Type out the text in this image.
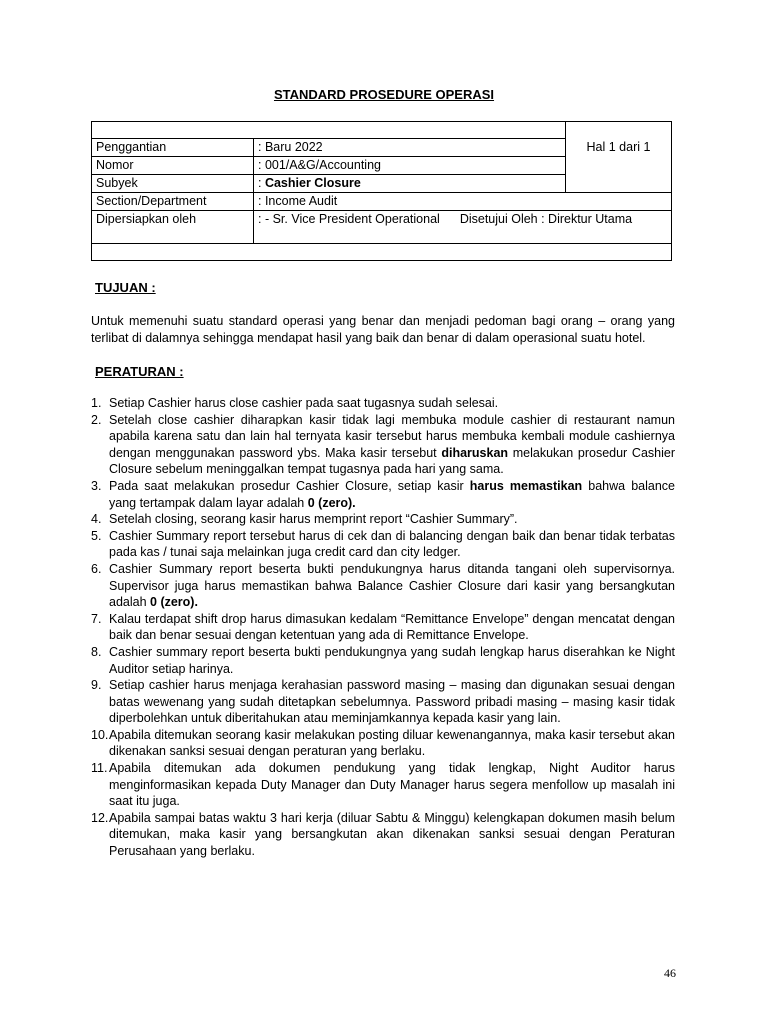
STANDARD PROSEDURE OPERASI

		Hal 1 dari 1

Penggantian	: Baru 2022	
Nomor	: 001/A&G/Accounting	
Subyek	: Cashier Closure	
Section/Department	: Income Audit	
Dipersiapkan oleh	: - Sr. Vice President Operational Disetujui Oleh : Direktur Utama	

TUJUAN :
Untuk memenuhi suatu standard operasi yang benar dan menjadi pedoman bagi orang – orang yang terlibat di dalamnya sehingga mendapat hasil yang baik dan benar di dalam operasional suatu hotel.
PERATURAN :
1. Setiap Cashier harus close cashier pada saat tugasnya sudah selesai.
2. Setelah close cashier diharapkan kasir tidak lagi membuka module cashier di restaurant namun apabila karena satu dan lain hal ternyata kasir tersebut harus membuka kembali module cashiernya dengan menggunakan password ybs. Maka kasir tersebut diharuskan melakukan prosedur Cashier Closure sebelum meninggalkan tempat tugasnya pada hari yang sama.
3. Pada saat melakukan prosedur Cashier Closure, setiap kasir harus memastikan bahwa balance yang tertampak dalam layar adalah 0 (zero).
4. Setelah closing, seorang kasir harus memprint report “Cashier Summary”.
5. Cashier Summary report tersebut harus di cek dan di balancing dengan baik dan benar tidak terbatas pada kas / tunai saja melainkan juga credit card dan city ledger.
6. Cashier Summary report beserta bukti pendukungnya harus ditanda tangani oleh supervisornya. Supervisor juga harus memastikan bahwa Balance Cashier Closure dari kasir yang bersangkutan adalah 0 (zero).
7. Kalau terdapat shift drop harus dimasukan kedalam “Remittance Envelope” dengan mencatat dengan baik dan benar sesuai dengan ketentuan yang ada di Remittance Envelope.
8. Cashier summary report beserta bukti pendukungnya yang sudah lengkap harus diserahkan ke Night Auditor setiap harinya.
9. Setiap cashier harus menjaga kerahasian password masing – masing dan digunakan sesuai dengan batas wewenang yang sudah ditetapkan sebelumnya. Password pribadi masing – masing kasir tidak diperbolehkan untuk diberitahukan atau meminjamkannya kepada kasir yang lain.
10. Apabila ditemukan seorang kasir melakukan posting diluar kewenangannya, maka kasir tersebut akan dikenakan sanksi sesuai dengan peraturan yang berlaku.
11. Apabila ditemukan ada dokumen pendukung yang tidak lengkap, Night Auditor harus menginformasikan kepada Duty Manager dan Duty Manager harus segera menfollow up masalah ini saat itu juga.
12. Apabila sampai batas waktu 3 hari kerja (diluar Sabtu & Minggu) kelengkapan dokumen masih belum ditemukan, maka kasir yang bersangkutan akan dikenakan sanksi sesuai dengan Peraturan Perusahaan yang berlaku.
46
